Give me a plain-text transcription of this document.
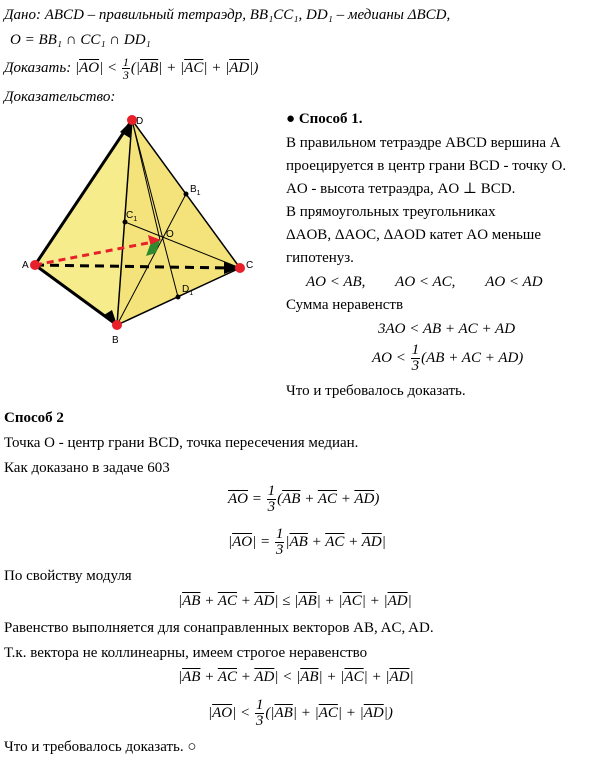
Дано: ABCD – правильный тетраэдр, BB₁CC₁, DD₁ – медианы ΔBCD,
O = BB₁ ∩ CC₁ ∩ DD₁
Доказать: $|\overline{AO}| < \frac{1}{3} (|\overline{AB}| + |\overline{AC}| + |\overline{AD}|)$
Доказательство:
D
A	C
B
O
$B_1$
$C_1$
$D_1$
● Способ 1.
В правильном тетраэдре ABCD вершина A
проецируется в центр грани BCD - точку O.
AO - высота тетраэдра, AO ⊥ BCD.
В прямоугольных треугольниках
ΔAOB, ΔAOC, ΔAOD катет AO меньше
гипотенуз.
AO < AB, AO < AC, AO < AD
Сумма неравенств
3AO < AB + AC + AD
AO < $\frac{1}{3} (AB$ + AC + AD)
Что и требовалось доказать.
Способ 2
Точка O - центр грани BCD, точка пересечения медиан.
Как доказано в задаче 603
$\overline{AO} = \frac{1}{3} (\overline{AB} + \overline{AC} + \overline{AD})$
$|\overline{AO}| = \frac{1}{3} |\overline{AB} + \overline{AC} + \overline{AD}|$
По свойству модуля
$|\overline{AB} + \overline{AC} + \overline{AD}| \le |\overline{AB}| + |\overline{AC}| + |\overline{AD}|$
Равенство выполняется для сонаправленных векторов AB, AC, AD.
Т.к. вектора не коллинеарны, имеем строгое неравенство
$|\overline{AB} + \overline{AC} + \overline{AD}| < |\overline{AB}| + |\overline{AC}| + |\overline{AD}|$
$|\overline{AO}| < \frac{1}{3} (|\overline{AB}| + |\overline{AC}| + |\overline{AD}|)$
Что и требовалось доказать. ○
